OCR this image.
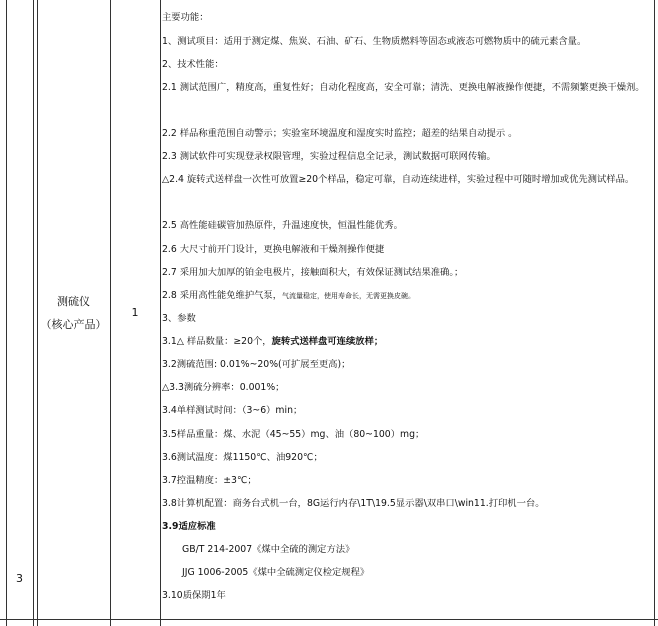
3
测硫仪
（核心产品）
1
主要功能：
1、测试项目：适用于测定煤、焦炭、石油、矿石、生物质燃料等固态或液态可燃物质中的硫元素含量。
2、技术性能：
2.1 测试范围广，精度高，重复性好；自动化程度高，安全可靠；清洗、更换电解液操作便捷，不需频繁更换干燥剂。
2.2 样品称重范围自动警示；实验室环境温度和湿度实时监控；超差的结果自动提示 。
2.3 测试软件可实现登录权限管理，实验过程信息全记录，测试数据可联网传输。
△2.4 旋转式送样盘一次性可放置≥20个样品，稳定可靠，自动连续进样，实验过程中可随时增加或优先测试样品。
2.5 高性能硅碳管加热原件，升温速度快，恒温性能优秀。
2.6 大尺寸前开门设计，更换电解液和干燥剂操作便捷
2.7 采用加大加厚的铂金电极片，接触面积大，有效保证测试结果准确。；
2.8 采用高性能免维护气泵，气流量稳定，使用寿命长，无需更换皮碗。
3、参数
3.1△ 样品数量：≥20个，旋转式送样盘可连续放样；
3.2测硫范围: 0.01%~20%(可扩展至更高)；
△3.3测硫分辨率：0.001%；
3.4单样测试时间：（3~6）min；
3.5样品重量：煤、水泥（45~55）mg、油（80~100）mg；
3.6测试温度：煤1150℃、油920℃；
3.7控温精度：±3℃；
3.8计算机配置：商务台式机一台，8G运行内存\1T\19.5显示器\双串口\win11.打印机一台。
3.9适应标准
GB/T 214-2007《煤中全硫的测定方法》
JJG 1006-2005《煤中全硫测定仪检定规程》
3.10质保期1年
